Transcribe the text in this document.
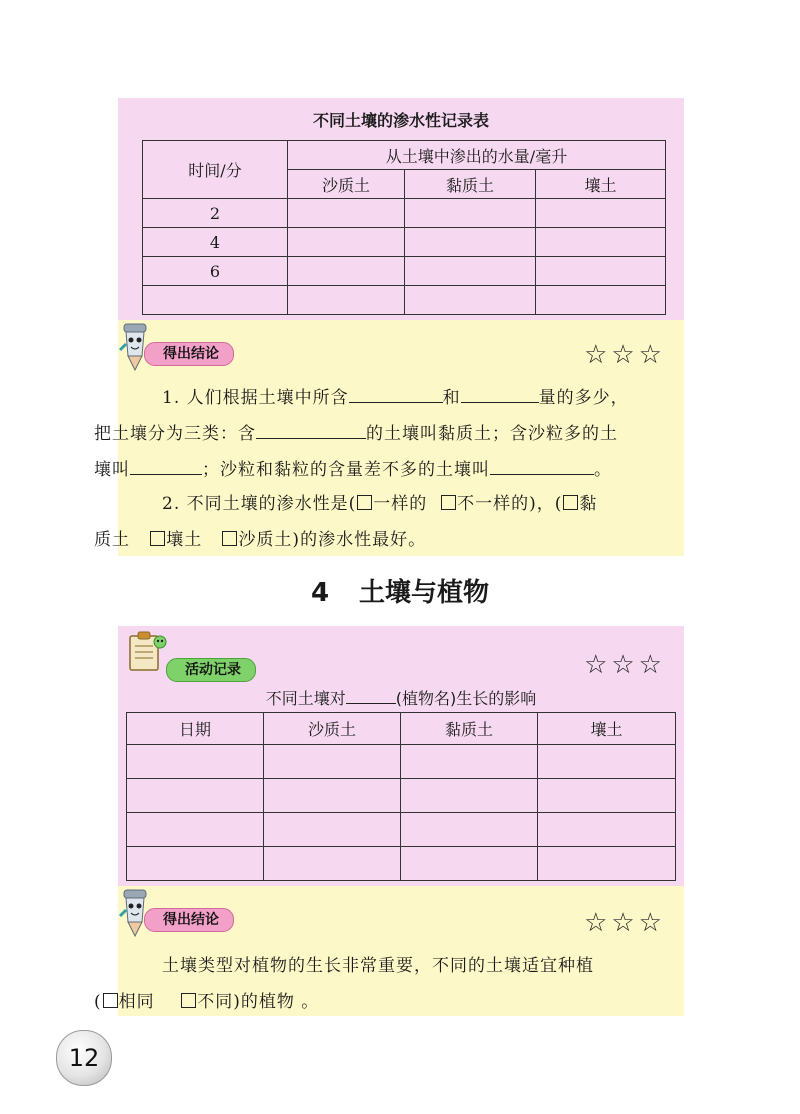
不同土壤的渗水性记录表
时间/分	从土壤中渗出的水量/毫升		
	沙质土	黏质土	壤土
2			
4			
6			

得出结论	☆☆☆
1. 人们根据土壤中所含	和	量的多少，
把土壤分为三类：含	的土壤叫黏质土；含沙粒多的土
壤叫	；沙粒和黏粒的含量差不多的土壤叫	。
2. 不同土壤的渗水性是( 一样的 不一样的)，( 黏
质土 壤土 沙质土)的渗水性最好。
4 土壤与植物
活动记录	☆☆☆
不同土壤对	(植物名)生长的影响
日期	沙质土	黏质土	壤土

得出结论	☆☆☆
土壤类型对植物的生长非常重要，不同的土壤适宜种植
( 相同	不同)的植物 。
12
